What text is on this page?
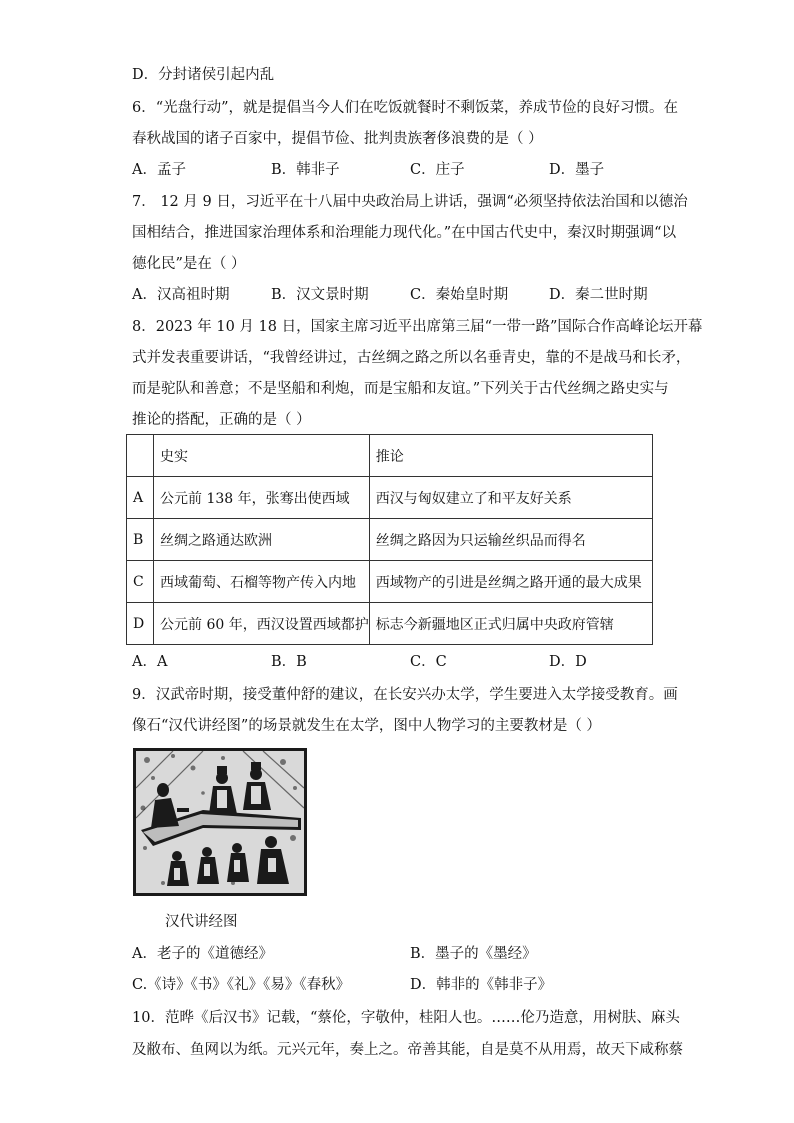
D．分封诸侯引起内乱
6．“光盘行动”，就是提倡当今人们在吃饭就餐时不剩饭菜，养成节俭的良好习惯。在
春秋战国的诸子百家中，提倡节俭、批判贵族奢侈浪费的是（ ）
A．孟子	B．韩非子	C．庄子	D．墨子
7． 12 月 9 日，习近平在十八届中央政治局上讲话，强调“必须坚持依法治国和以德治
国相结合，推进国家治理体系和治理能力现代化。”在中国古代史中，秦汉时期强调“以
德化民”是在（ ）
A．汉高祖时期	B．汉文景时期	C．秦始皇时期	D．秦二世时期
8．2023 年 10 月 18 日，国家主席习近平出席第三届“一带一路”国际合作高峰论坛开幕
式并发表重要讲话，“我曾经讲过，古丝绸之路之所以名垂青史，靠的不是战马和长矛，
而是驼队和善意；不是坚船和利炮，而是宝船和友谊。”下列关于古代丝绸之路史实与
推论的搭配，正确的是（ ）
	史实	推论
A	公元前 138 年，张骞出使西域	西汉与匈奴建立了和平友好关系
B	丝绸之路通达欧洲	丝绸之路因为只运输丝织品而得名
C	西域葡萄、石榴等物产传入内地	西域物产的引进是丝绸之路开通的最大成果
D	公元前 60 年，西汉设置西域都护	标志今新疆地区正式归属中央政府管辖
A．A	B．B	C．C	D．D
9．汉武帝时期，接受董仲舒的建议，在长安兴办太学，学生要进入太学接受教育。画
像石“汉代讲经图”的场景就发生在太学，图中人物学习的主要教材是（ ）
汉代讲经图
A．老子的《道德经》	B．墨子的《墨经》
C.《诗》《书》《礼》《易》《春秋》	D．韩非的《韩非子》
10．范晔《后汉书》记载，“蔡伦，字敬仲，桂阳人也。……伦乃造意，用树肤、麻头
及敝布、鱼网以为纸。元兴元年，奏上之。帝善其能，自是莫不从用焉，故天下咸称蔡
